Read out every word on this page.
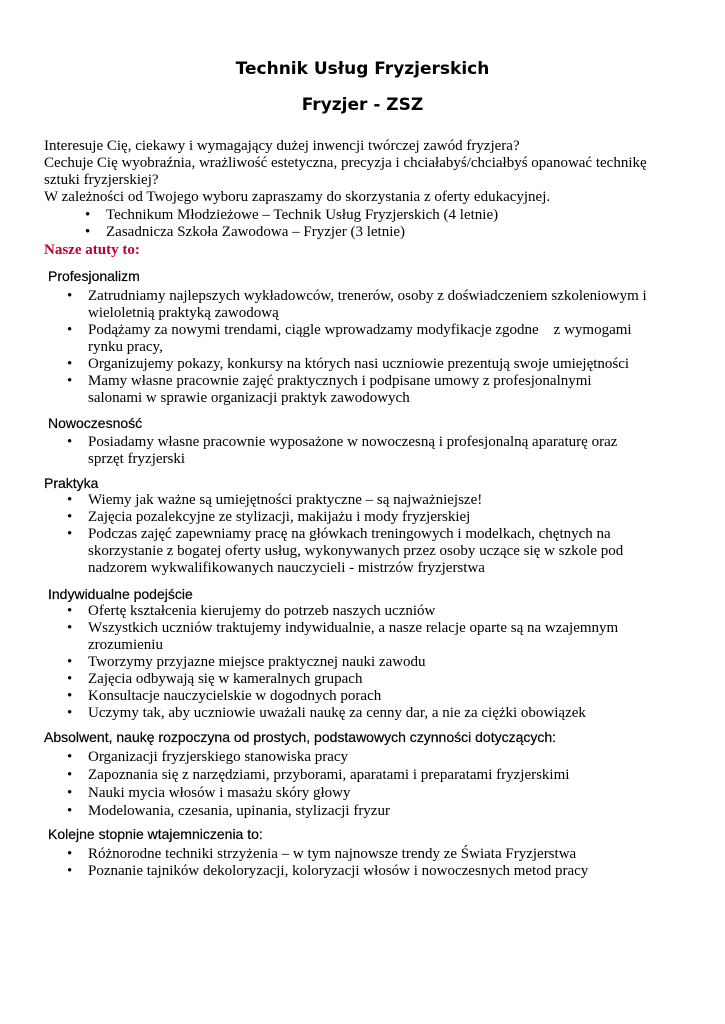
Technik Usług Fryzjerskich
Fryzjer - ZSZ

Interesuje Cię, ciekawy i wymagający dużej inwencji twórczej zawód fryzjera?

Cechuje Cię wyobraźnia, wrażliwość estetyczna, precyzja i chciałabyś/chciałbyś opanować technikę sztuki fryzjerskiej?

W zależności od Twojego wyboru zapraszamy do skorzystania z oferty edukacyjnej.

• Technikum Młodzieżowe – Technik Usług Fryzjerskich (4 letnie)
• Zasadnicza Szkoła Zawodowa – Fryzjer (3 letnie)

Nasze atuty to:

Profesjonalizm
• Zatrudniamy najlepszych wykładowców, trenerów, osoby z doświadczeniem szkoleniowym i wieloletnią praktyką zawodową
• Podążamy za nowymi trendami, ciągle wprowadzamy modyfikacje zgodne    z wymogami rynku pracy,
• Organizujemy pokazy, konkursy na których nasi uczniowie prezentują swoje umiejętności
• Mamy własne pracownie zajęć praktycznych i podpisane umowy z profesjonalnymi salonami w sprawie organizacji praktyk zawodowych
Nowoczesność
• Posiadamy własne pracownie wyposażone w nowoczesną i profesjonalną aparaturę oraz sprzęt fryzjerski
Praktyka
• Wiemy jak ważne są umiejętności praktyczne – są najważniejsze!
• Zajęcia pozalekcyjne ze stylizacji, makijażu i mody fryzjerskiej
• Podczas zajęć zapewniamy pracę na główkach treningowych i modelkach, chętnych na skorzystanie z bogatej oferty usług, wykonywanych przez osoby uczące się w szkole pod nadzorem wykwalifikowanych nauczycieli - mistrzów fryzjerstwa
Indywidualne podejście
• Ofertę kształcenia kierujemy do potrzeb naszych uczniów
• Wszystkich uczniów traktujemy indywidualnie, a nasze relacje oparte są na wzajemnym zrozumieniu
• Tworzymy przyjazne miejsce praktycznej nauki zawodu
• Zajęcia odbywają się w kameralnych grupach
• Konsultacje nauczycielskie w dogodnych porach
• Uczymy tak, aby uczniowie uważali naukę za cenny dar, a nie za ciężki obowiązek
Absolwent, naukę rozpoczyna od prostych, podstawowych czynności dotyczących:
• Organizacji fryzjerskiego stanowiska pracy
• Zapoznania się z narzędziami, przyborami, aparatami i preparatami fryzjerskimi
• Nauki mycia włosów i masażu skóry głowy
• Modelowania, czesania, upinania, stylizacji fryzur
Kolejne stopnie wtajemniczenia to:
• Różnorodne techniki strzyżenia – w tym najnowsze trendy ze Świata Fryzjerstwa
• Poznanie tajników dekoloryzacji, koloryzacji włosów i nowoczesnych metod pracy
